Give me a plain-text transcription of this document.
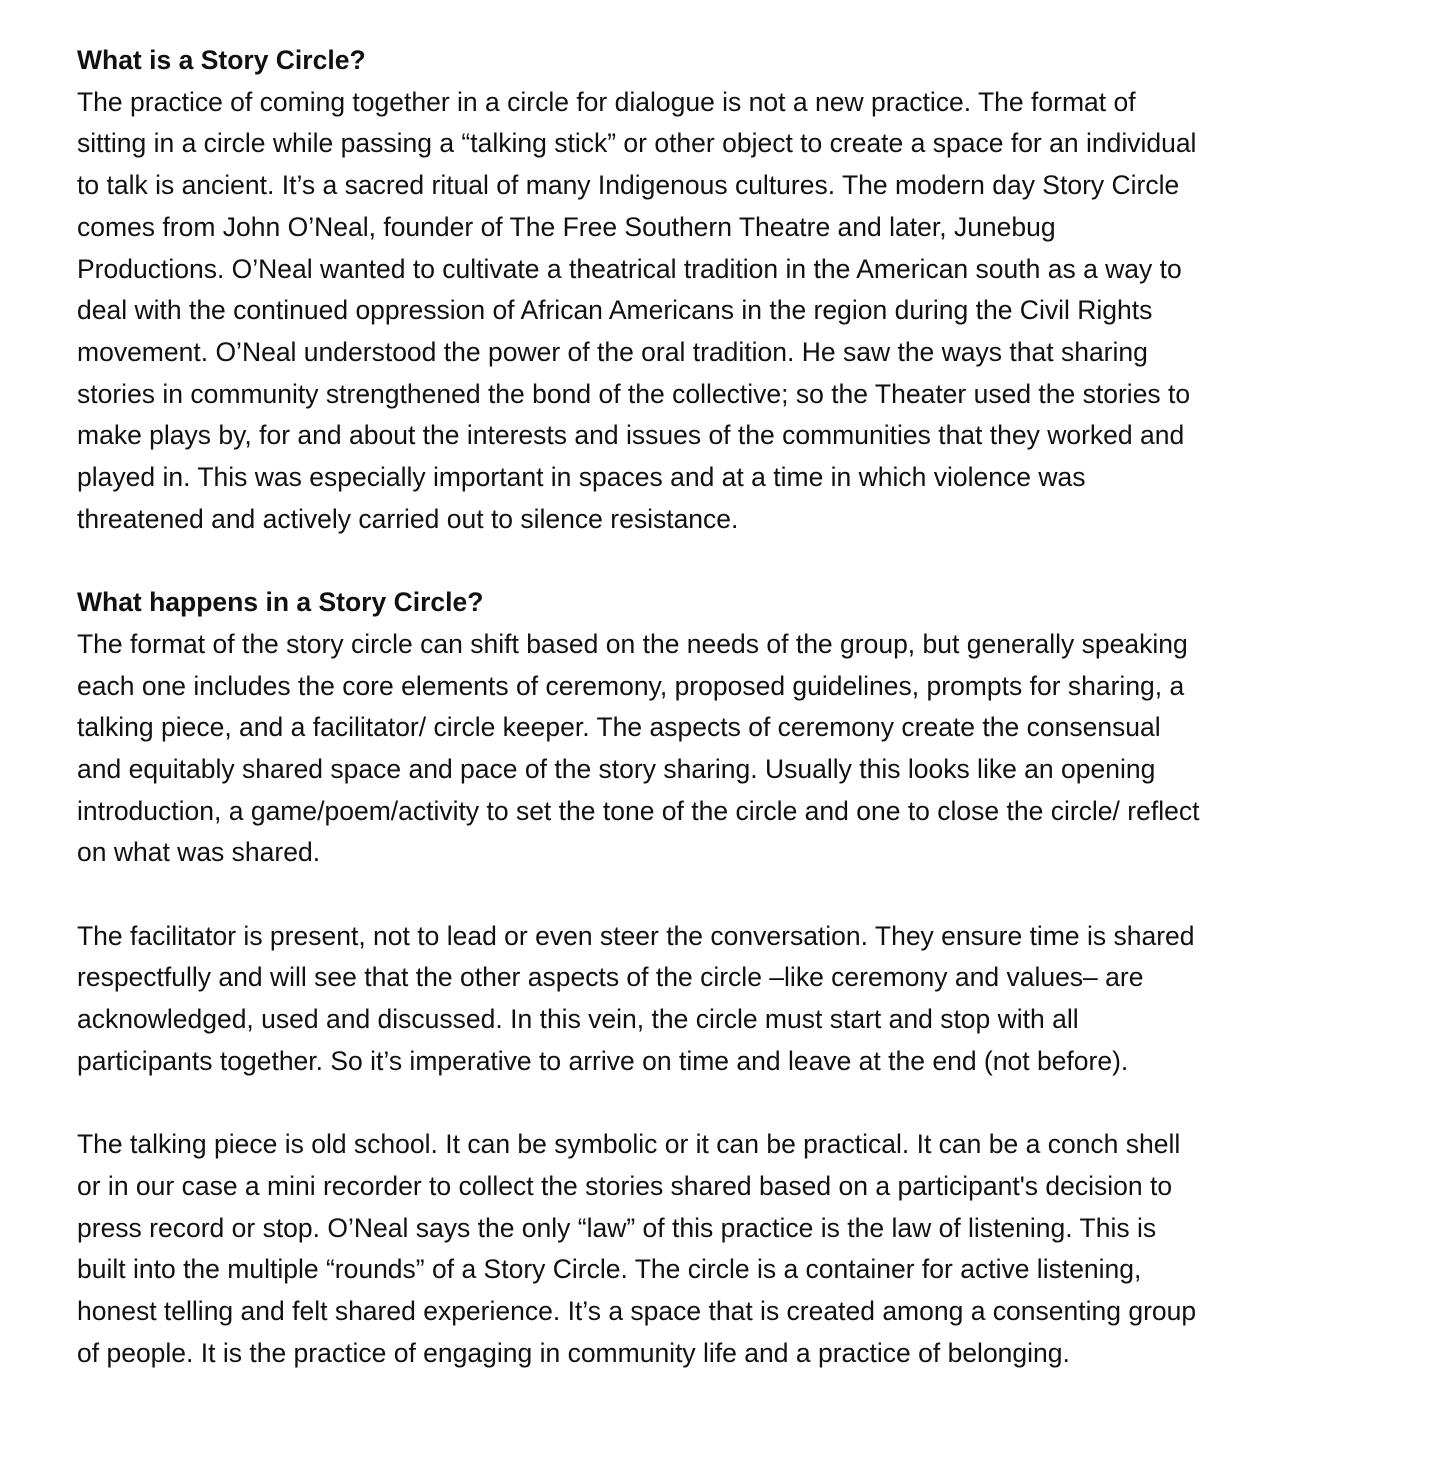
What is a Story Circle?
The practice of coming together in a circle for dialogue is not a new practice. The format of
sitting in a circle while passing a “talking stick” or other object to create a space for an individual
to talk is ancient. It’s a sacred ritual of many Indigenous cultures. The modern day Story Circle
comes from John O’Neal, founder of The Free Southern Theatre and later, Junebug
Productions. O’Neal wanted to cultivate a theatrical tradition in the American south as a way to
deal with the continued oppression of African Americans in the region during the Civil Rights
movement. O’Neal understood the power of the oral tradition. He saw the ways that sharing
stories in community strengthened the bond of the collective; so the Theater used the stories to
make plays by, for and about the interests and issues of the communities that they worked and
played in. This was especially important in spaces and at a time in which violence was
threatened and actively carried out to silence resistance.
What happens in a Story Circle?
The format of the story circle can shift based on the needs of the group, but generally speaking
each one includes the core elements of ceremony, proposed guidelines, prompts for sharing, a
talking piece, and a facilitator/ circle keeper. The aspects of ceremony create the consensual
and equitably shared space and pace of the story sharing. Usually this looks like an opening
introduction, a game/poem/activity to set the tone of the circle and one to close the circle/ reflect
on what was shared.
The facilitator is present, not to lead or even steer the conversation. They ensure time is shared
respectfully and will see that the other aspects of the circle –like ceremony and values– are
acknowledged, used and discussed. In this vein, the circle must start and stop with all
participants together. So it’s imperative to arrive on time and leave at the end (not before).
The talking piece is old school. It can be symbolic or it can be practical. It can be a conch shell
or in our case a mini recorder to collect the stories shared based on a participant's decision to
press record or stop. O’Neal says the only “law” of this practice is the law of listening. This is
built into the multiple “rounds” of a Story Circle. The circle is a container for active listening,
honest telling and felt shared experience. It’s a space that is created among a consenting group
of people. It is the practice of engaging in community life and a practice of belonging.
